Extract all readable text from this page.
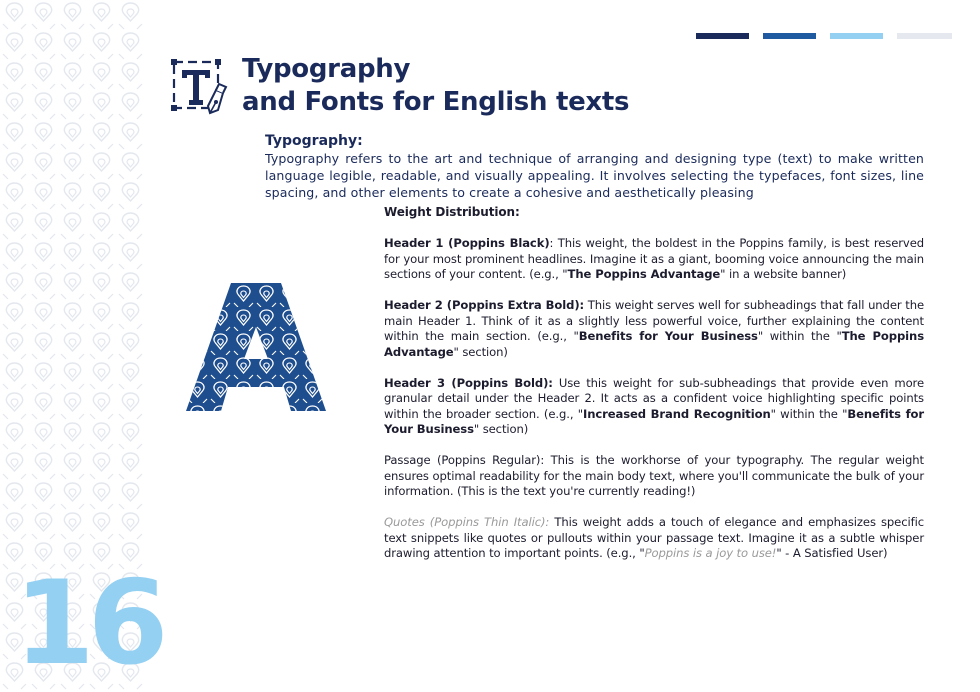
16
Typography
and Fonts for English texts
Typography:
Typography refers to the art and technique of arranging and designing type (text) to make written language legible, readable, and visually appealing. It involves selecting the typefaces, font sizes, line spacing, and other elements to create a cohesive and aesthetically pleasing

Weight Distribution:

Header 1 (Poppins Black): This weight, the boldest in the Poppins family, is best reserved for your most prominent headlines. Imagine it as a giant, booming voice announcing the main sections of your content. (e.g., "The Poppins Advantage" in a website banner)

Header 2 (Poppins Extra Bold): This weight serves well for subheadings that fall under the main Header 1. Think of it as a slightly less powerful voice, further explaining the content within the main section. (e.g., "Benefits for Your Business" within the "The Poppins Advantage" section)

Header 3 (Poppins Bold): Use this weight for sub-subheadings that provide even more granular detail under the Header 2. It acts as a confident voice highlighting specific points within the broader section. (e.g., "Increased Brand Recognition" within the "Benefits for Your Business" section)

Passage (Poppins Regular): This is the workhorse of your typography. The regular weight ensures optimal readability for the main body text, where you'll communicate the bulk of your information. (This is the text you're currently reading!)

Quotes (Poppins Thin Italic): This weight adds a touch of elegance and emphasizes specific text snippets like quotes or pullouts within your passage text. Imagine it as a subtle whisper drawing attention to important points. (e.g., "Poppins is a joy to use!" - A Satisfied User)
